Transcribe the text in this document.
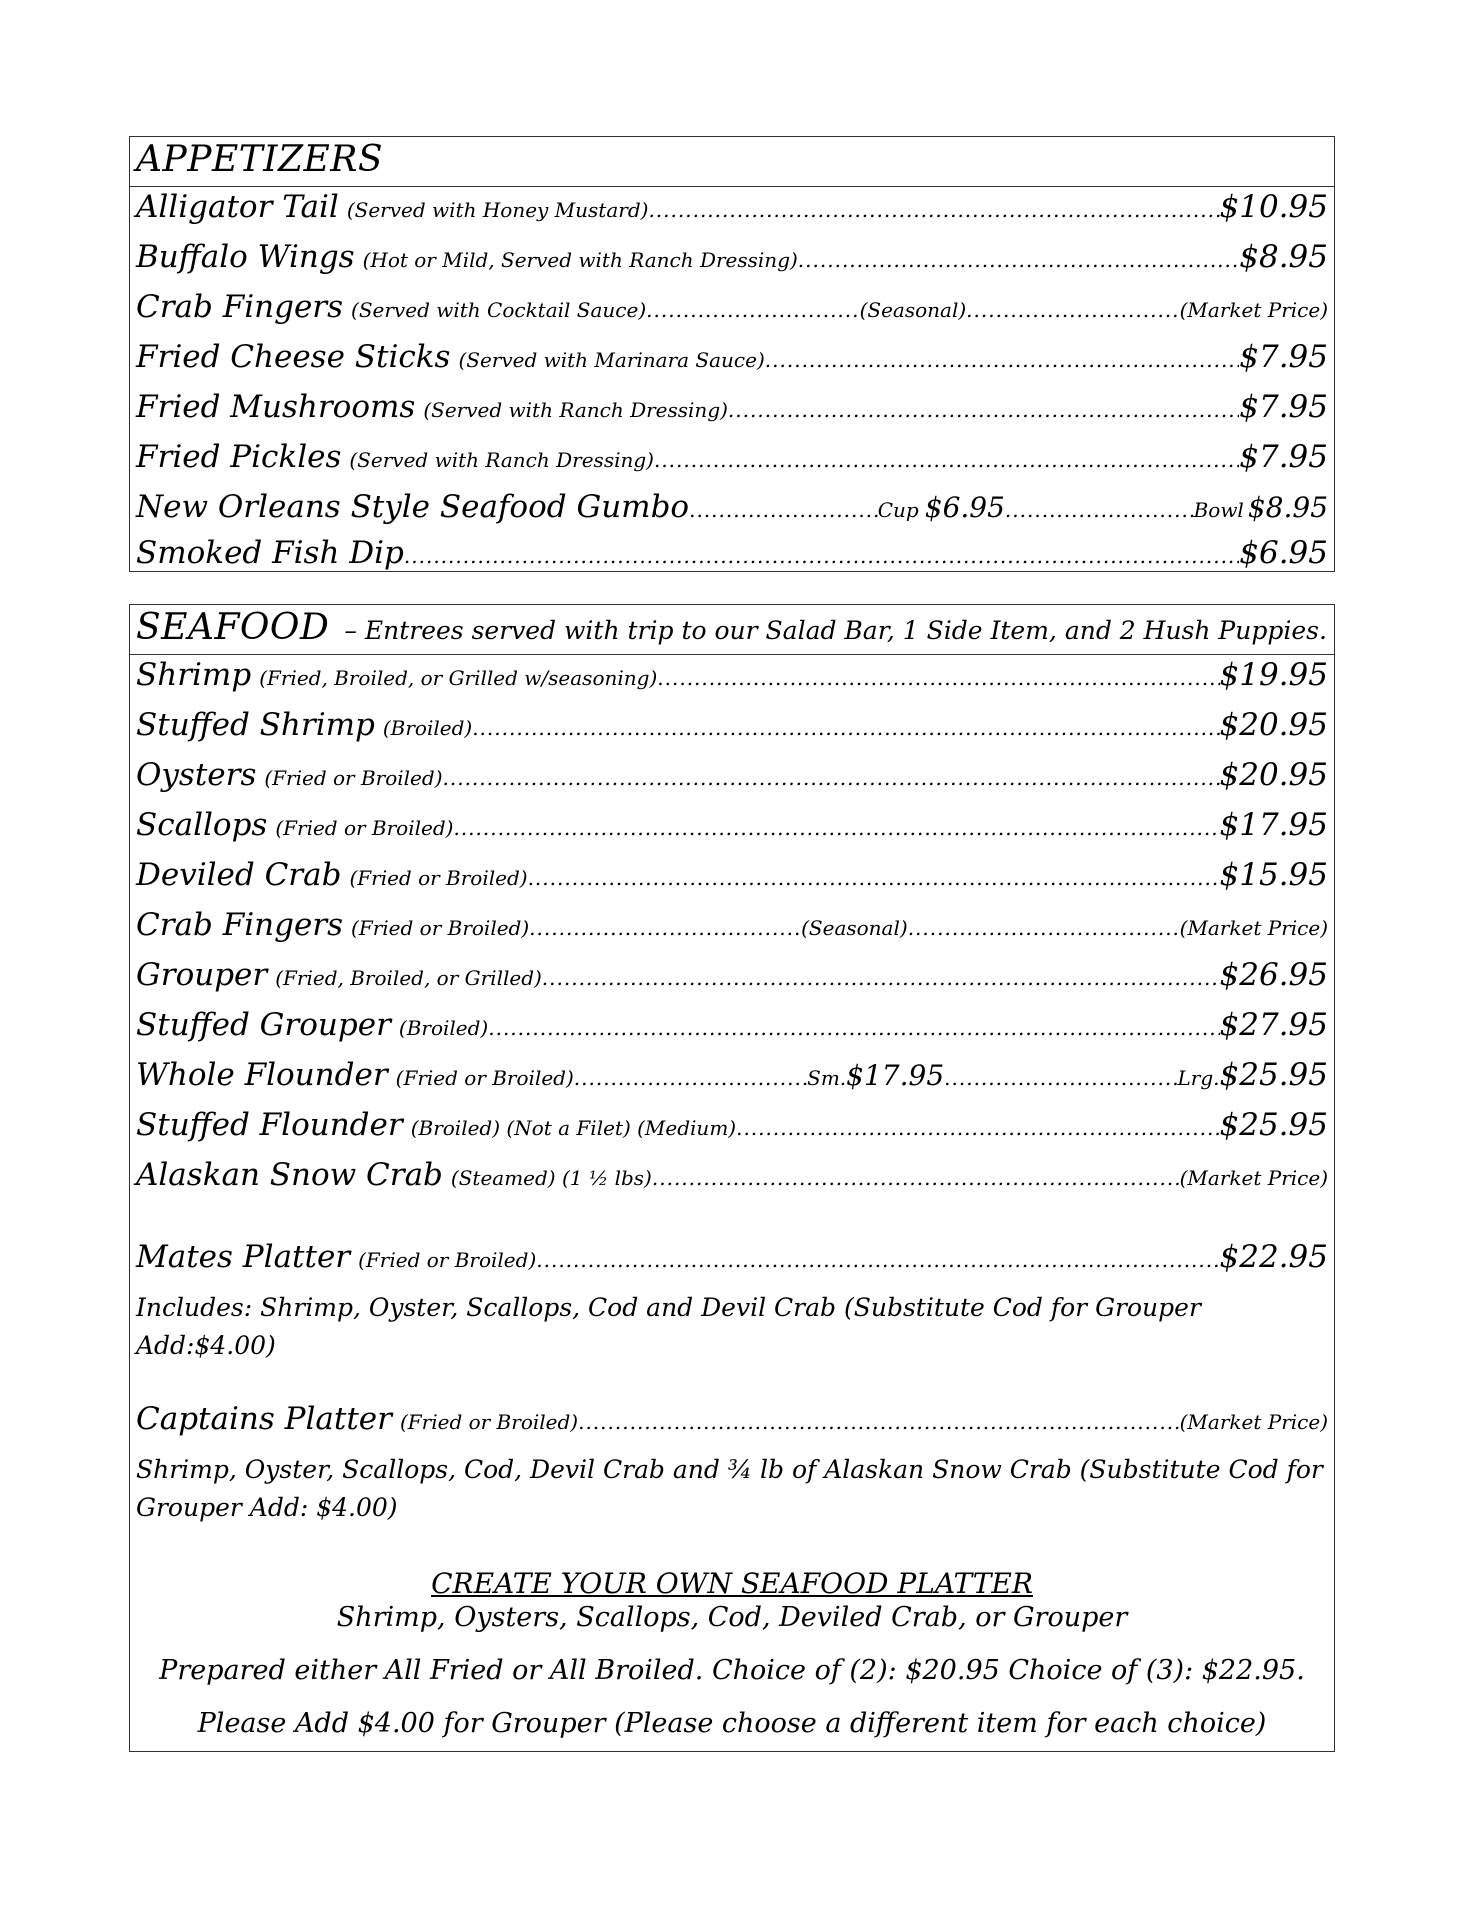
APPETIZERS
Alligator Tail (Served with Honey Mustard) .....	$10.95
Buffalo Wings (Hot or Mild, Served with Ranch Dressing) .....	$8.95
Crab Fingers (Served with Cocktail Sauce) .....	(Seasonal) .....	(Market Price)
Fried Cheese Sticks (Served with Marinara Sauce) .....	$7.95
Fried Mushrooms (Served with Ranch Dressing) .....	$7.95
Fried Pickles (Served with Ranch Dressing) .....	$7.95
New Orleans Style Seafood Gumbo .....	Cup $6.95 .....	Bowl $8.95
Smoked Fish Dip .....	$6.95
SEAFOOD – Entrees served with trip to our Salad Bar, 1 Side Item, and 2 Hush Puppies.
Shrimp (Fried, Broiled, or Grilled w/seasoning) .....	$19.95
Stuffed Shrimp (Broiled) .....	$20.95
Oysters (Fried or Broiled) .....	$20.95
Scallops (Fried or Broiled) .....	$17.95
Deviled Crab (Fried or Broiled) .....	$15.95
Crab Fingers (Fried or Broiled) .....	(Seasonal) .....	(Market Price)
Grouper (Fried, Broiled, or Grilled) .....	$26.95
Stuffed Grouper (Broiled) .....	$27.95
Whole Flounder (Fried or Broiled) .....	Sm. $17.95 .....	Lrg. $25.95
Stuffed Flounder (Broiled) (Not a Filet) (Medium) .....	$25.95
Alaskan Snow Crab (Steamed) (1 ½ lbs) .....	(Market Price)
Mates Platter (Fried or Broiled) .....	$22.95
Includes: Shrimp, Oyster, Scallops, Cod and Devil Crab (Substitute Cod for Grouper Add:$4.00)
Captains Platter (Fried or Broiled) .....	(Market Price)
Shrimp, Oyster, Scallops, Cod, Devil Crab and ¾ lb of Alaskan Snow Crab (Substitute Cod for Grouper Add: $4.00)
CREATE YOUR OWN SEAFOOD PLATTER
Shrimp, Oysters, Scallops, Cod, Deviled Crab, or Grouper
Prepared either All Fried or All Broiled. Choice of (2): $20.95 Choice of (3): $22.95.
Please Add $4.00 for Grouper (Please choose a different item for each choice)
